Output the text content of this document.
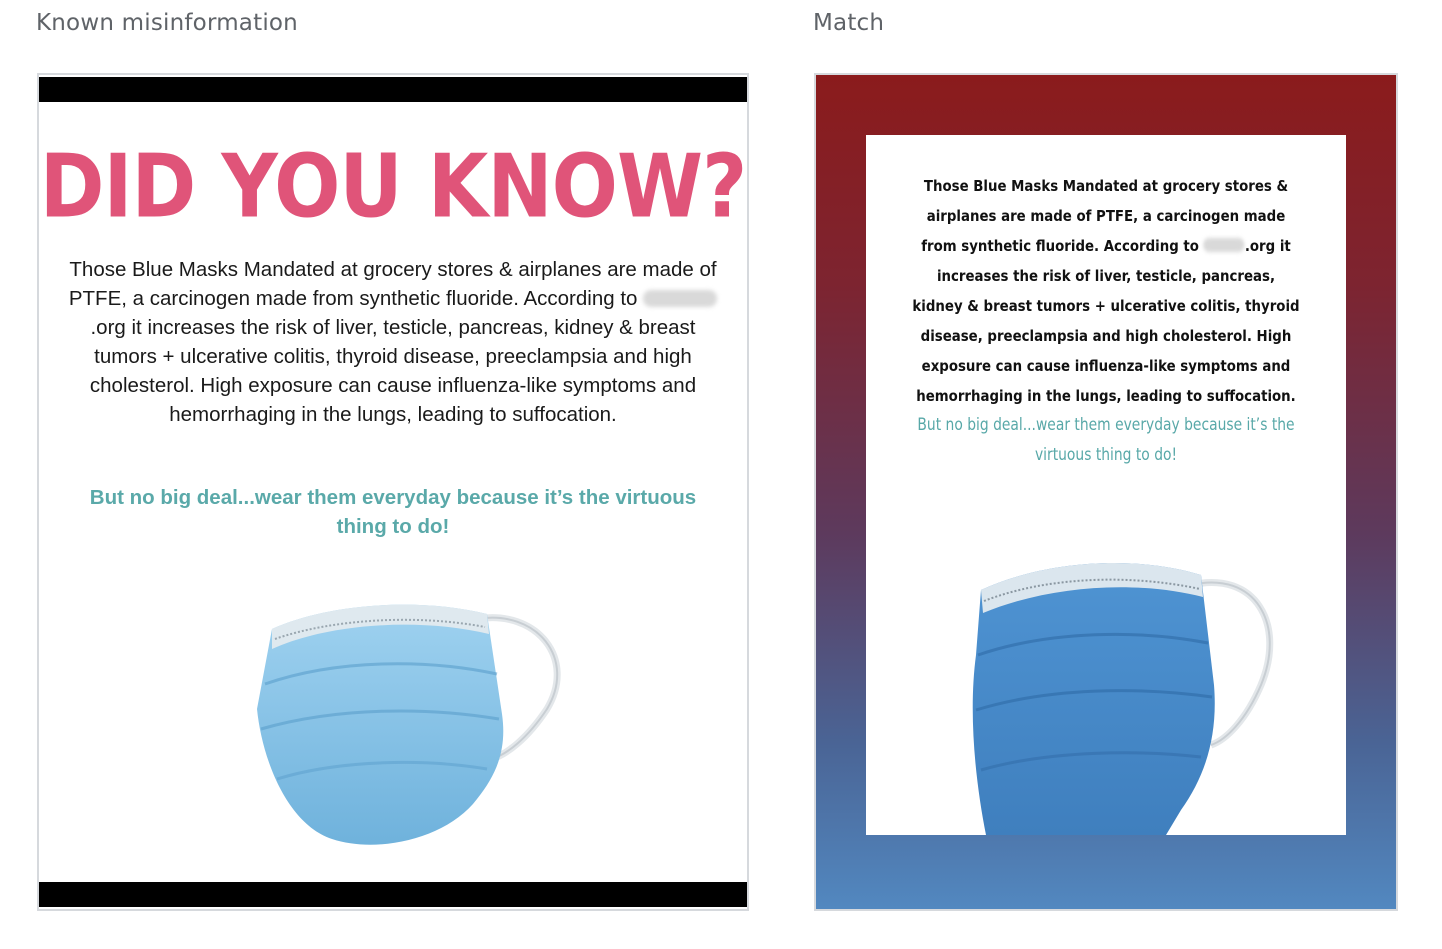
Known misinformation	Match
DID YOU KNOW?
Those Blue Masks Mandated at grocery stores & airplanes are made of PTFE, a carcinogen made from synthetic fluoride. According to .org it increases the risk of liver, testicle, pancreas, kidney & breast tumors + ulcerative colitis, thyroid disease, preeclampsia and high cholesterol. High exposure can cause influenza-like symptoms and hemorrhaging in the lungs, leading to suffocation.
But no big deal...wear them everyday because it’s the virtuous thing to do!
Those Blue Masks Mandated at grocery stores & airplanes are made of PTFE, a carcinogen made from synthetic fluoride. According to	.org it increases the risk of liver, testicle, pancreas, kidney & breast tumors + ulcerative colitis, thyroid disease, preeclampsia and high cholesterol. High exposure can cause influenza-like symptoms and hemorrhaging in the lungs, leading to suffocation.
But no big deal...wear them everyday because it’s the virtuous thing to do!
